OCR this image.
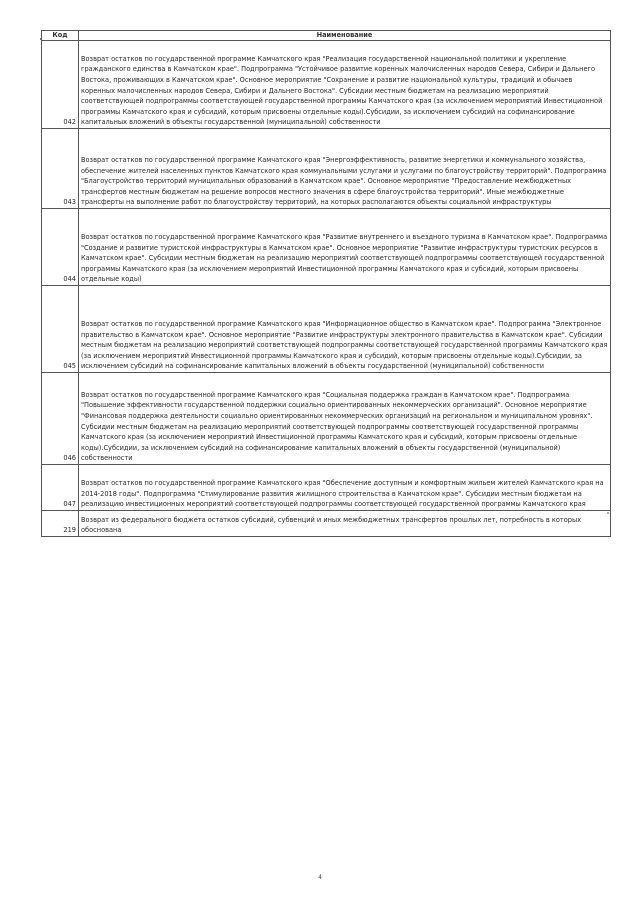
Код	Наименование
042	Возврат остатков по государственной программе Камчатского края "Реализация государственной национальной политики и укрепление гражданского единства в Камчатском крае". Подпрограмма "Устойчивое развитие коренных малочисленных народов Севера, Сибири и Дальнего Востока, проживающих в Камчатском крае". Основное мероприятие "Сохранение и развитие национальной культуры, традиций и обычаев коренных малочисленных народов Севера, Сибири и Дальнего Востока". Субсидии местным бюджетам на реализацию мероприятий соответствующей подпрограммы соответствующей государственной программы Камчатского края (за исключением мероприятий Инвестиционной программы Камчатского края и субсидий, которым присвоены отдельные коды).Субсидии, за исключением субсидий на софинансирование капитальных вложений в объекты государственной (муниципальной) собственности
043	Возврат остатков по государственной программе Камчатского края "Энергоэффективность, развитие энергетики и коммунального хозяйства, обеспечение жителей населенных пунктов Камчатского края коммунальными услугами и услугами по благоустройству территорий". Подпрограмма "Благоустройство территорий муниципальных образований в Камчатском крае". Основное мероприятие "Предоставление межбюджетных трансфертов местным бюджетам на решение вопросов местного значения в сфере благоустройства территорий". Иные межбюджетные трансферты на выполнение работ по благоустройству территорий, на которых располагаются объекты социальной инфраструктуры
044	Возврат остатков по государственной программе Камчатского края "Развитие внутреннего и въездного туризма в Камчатском крае". Подпрограмма "Создание и развитие туристской инфраструктуры в Камчатском крае". Основное мероприятие "Развитие инфраструктуры туристских ресурсов в Камчатском крае". Субсидии местным бюджетам на реализацию мероприятий соответствующей подпрограммы соответствующей государственной программы Камчатского края (за исключением мероприятий Инвестиционной программы Камчатского края и субсидий, которым присвоены отдельные коды)
045	Возврат остатков по государственной программе Камчатского края "Информационное общество в Камчатском крае". Подпрограмма "Электронное правительство в Камчатском крае". Основное мероприятие "Развитие инфраструктуры электронного правительства в Камчатском крае". Субсидии местным бюджетам на реализацию мероприятий соответствующей подпрограммы соответствующей государственной программы Камчатского края (за исключением мероприятий Инвестиционной программы Камчатского края и субсидий, которым присвоены отдельные коды).Субсидии, за исключением субсидий на софинансирование капитальных вложений в объекты государственной (муниципальной) собственности
046	Возврат остатков по государственной программе Камчатского края "Социальная поддержка граждан в Камчатском крае". Подпрограмма "Повышение эффективности государственной поддержки социально ориентированных некоммерческих организаций". Основное мероприятие "Финансовая поддержка деятельности социально ориентированных некоммерческих организаций на региональном и муниципальном уровнях". Субсидии местным бюджетам на реализацию мероприятий соответствующей подпрограммы соответствующей государственной программы Камчатского края (за исключением мероприятий Инвестиционной программы Камчатского края и субсидий, которым присвоены отдельные коды).Субсидии, за исключением субсидий на софинансирование капитальных вложений в объекты государственной (муниципальной) собственности
047	Возврат остатков по государственной программе Камчатского края "Обеспечение доступным и комфортным жильем жителей Камчатского края на 2014-2018 годы". Подпрограмма "Стимулирование развития жилищного строительства в Камчатском крае". Субсидии местным бюджетам на реализацию инвестиционных мероприятий соответствующей подпрограммы соответствующей государственной программы Камчатского края
219	Возврат из федерального бюджета остатков субсидий, субвенций и иных межбюджетных трансфертов прошлых лет, потребность в которых обоснована
4
